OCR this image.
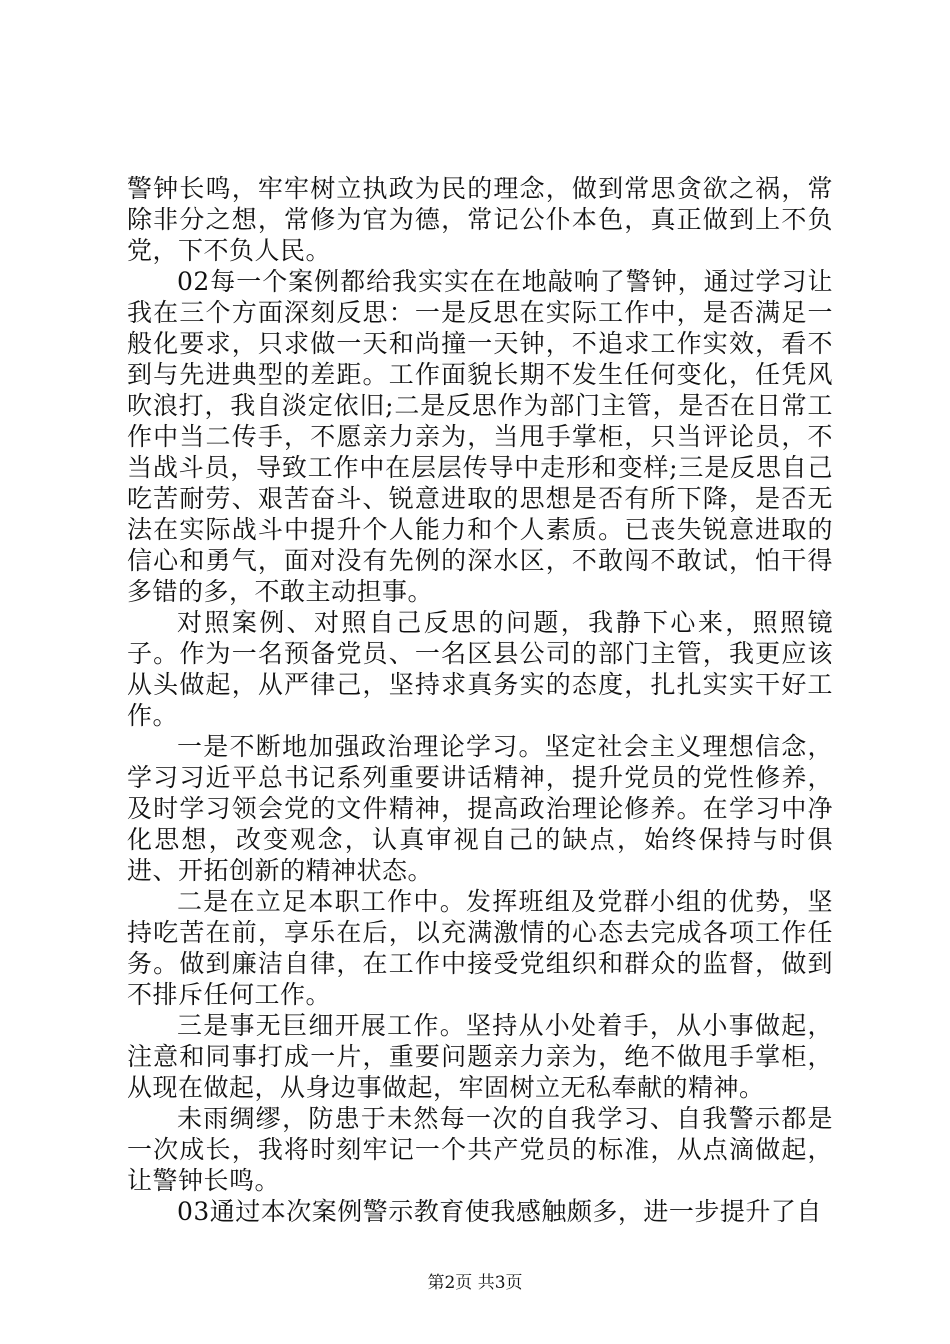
警钟长鸣，牢牢树立执政为民的理念，做到常思贪欲之祸，常除非分之想，常修为官为德，常记公仆本色，真正做到上不负党，下不负人民。

02每一个案例都给我实实在在地敲响了警钟，通过学习让我在三个方面深刻反思：一是反思在实际工作中，是否满足一般化要求，只求做一天和尚撞一天钟，不追求工作实效，看不到与先进典型的差距。工作面貌长期不发生任何变化，任凭风吹浪打，我自淡定依旧;二是反思作为部门主管，是否在日常工作中当二传手，不愿亲力亲为，当甩手掌柜，只当评论员，不当战斗员，导致工作中在层层传导中走形和变样;三是反思自己吃苦耐劳、艰苦奋斗、锐意进取的思想是否有所下降，是否无法在实际战斗中提升个人能力和个人素质。已丧失锐意进取的信心和勇气，面对没有先例的深水区，不敢闯不敢试，怕干得多错的多，不敢主动担事。

对照案例、对照自己反思的问题，我静下心来，照照镜子。作为一名预备党员、一名区县公司的部门主管，我更应该从头做起，从严律己，坚持求真务实的态度，扎扎实实干好工作。

一是不断地加强政治理论学习。坚定社会主义理想信念，学习习近平总书记系列重要讲话精神，提升党员的党性修养，及时学习领会党的文件精神，提高政治理论修养。在学习中净化思想，改变观念，认真审视自己的缺点，始终保持与时俱进、开拓创新的精神状态。

二是在立足本职工作中。发挥班组及党群小组的优势，坚持吃苦在前，享乐在后，以充满激情的心态去完成各项工作任务。做到廉洁自律，在工作中接受党组织和群众的监督，做到不排斥任何工作。

三是事无巨细开展工作。坚持从小处着手，从小事做起，注意和同事打成一片，重要问题亲力亲为，绝不做甩手掌柜，从现在做起，从身边事做起，牢固树立无私奉献的精神。

未雨绸缪，防患于未然每一次的自我学习、自我警示都是一次成长，我将时刻牢记一个共产党员的标准，从点滴做起，让警钟长鸣。

03通过本次案例警示教育使我感触颇多，进一步提升了自

第2页 共3页
